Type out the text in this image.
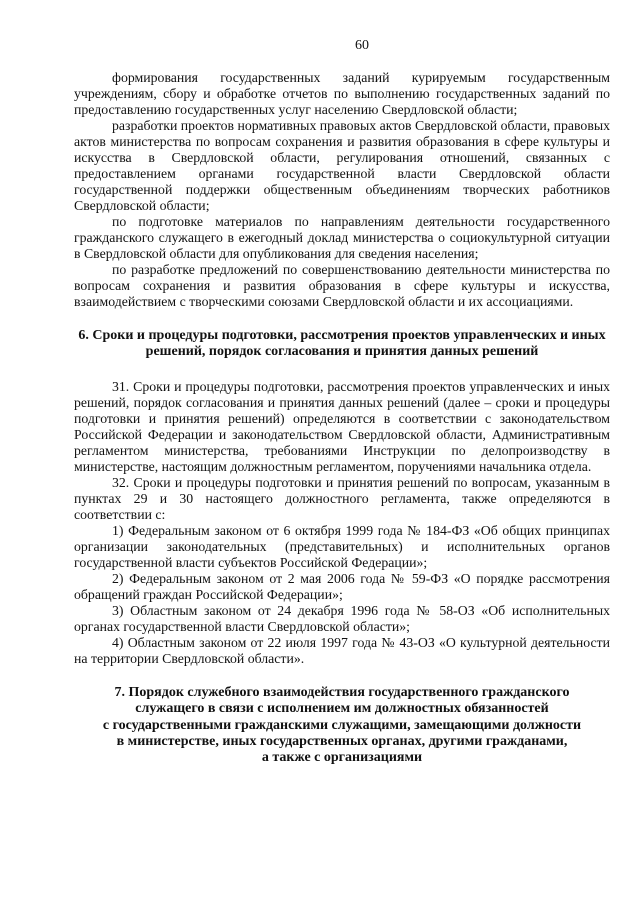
60

формирования государственных заданий курируемым государственным учреждениям, сбору и обработке отчетов по выполнению государственных заданий по предоставлению государственных услуг населению Свердловской области;

разработки проектов нормативных правовых актов Свердловской области, правовых актов министерства по вопросам сохранения и развития образования в сфере культуры и искусства в Свердловской области, регулирования отношений, связанных с предоставлением органами государственной власти Свердловской области государственной поддержки общественным объединениям творческих работников Свердловской области;

по подготовке материалов по направлениям деятельности государственного гражданского служащего в ежегодный доклад министерства о социокультурной ситуации в Свердловской области для опубликования для сведения населения;

по разработке предложений по совершенствованию деятельности министерства по вопросам сохранения и развития образования в сфере культуры и искусства, взаимодействием с творческими союзами Свердловской области и их ассоциациями.

6. Сроки и процедуры подготовки, рассмотрения проектов управленческих и иных решений, порядок согласования и принятия данных решений

31. Сроки и процедуры подготовки, рассмотрения проектов управленческих и иных решений, порядок согласования и принятия данных решений (далее – сроки и процедуры подготовки и принятия решений) определяются в соответствии с законодательством Российской Федерации и законодательством Свердловской области, Административным регламентом министерства, требованиями Инструкции по делопроизводству в министерстве, настоящим должностным регламентом, поручениями начальника отдела.

32. Сроки и процедуры подготовки и принятия решений по вопросам, указанным в пунктах 29 и 30 настоящего должностного регламента, также определяются в соответствии с:

1) Федеральным законом от 6 октября 1999 года № 184-ФЗ «Об общих принципах организации законодательных (представительных) и исполнительных органов государственной власти субъектов Российской Федерации»;

2) Федеральным законом от 2 мая 2006 года № 59-ФЗ «О порядке рассмотрения обращений граждан Российской Федерации»;

3) Областным законом от 24 декабря 1996 года № 58-ОЗ «Об исполнительных органах государственной власти Свердловской области»;

4) Областным законом от 22 июля 1997 года № 43-ОЗ «О культурной деятельности на территории Свердловской области».

7. Порядок служебного взаимодействия государственного гражданского
служащего в связи с исполнением им должностных обязанностей
с государственными гражданскими служащими, замещающими должности
в министерстве, иных государственных органах, другими гражданами,
а также с организациями
